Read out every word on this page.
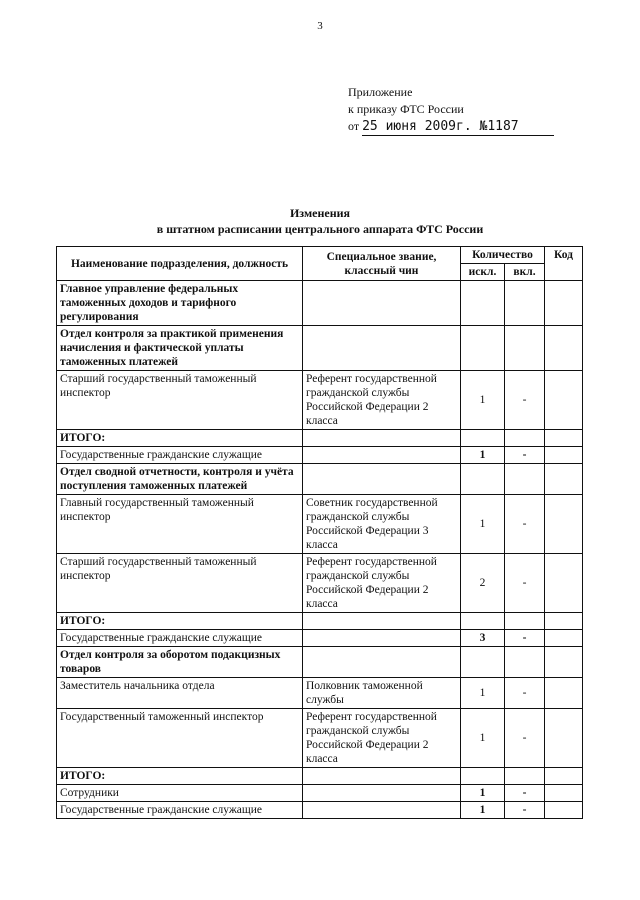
3
Приложение
к приказу ФТС России
от 25 июня 2009г. №1187
Изменения
в штатном расписании центрального аппарата ФТС России
Наименование подразделения, должность	Специальное звание, классный чин	Количество		Код
		искл.	вкл.	
Главное управление федеральных таможенных доходов и тарифного регулирования				
Отдел контроля за практикой применения начисления и фактической уплаты таможенных платежей				
Старший государственный таможенный инспектор	Референт государственной гражданской службы Российской Федерации 2 класса	1	-	
ИТОГО:				
Государственные гражданские служащие		1	-	
Отдел сводной отчетности, контроля и учёта поступления таможенных платежей				
Главный государственный таможенный инспектор	Советник государственной гражданской службы Российской Федерации 3 класса	1	-	
Старший государственный таможенный инспектор	Референт государственной гражданской службы Российской Федерации 2 класса	2	-	
ИТОГО:				
Государственные гражданские служащие		3	-	
Отдел контроля за оборотом подакцизных товаров				
Заместитель начальника отдела	Полковник таможенной службы	1	-	
Государственный таможенный инспектор	Референт государственной гражданской службы Российской Федерации 2 класса	1	-	
ИТОГО:				
Сотрудники		1	-	
Государственные гражданские служащие		1	-	
